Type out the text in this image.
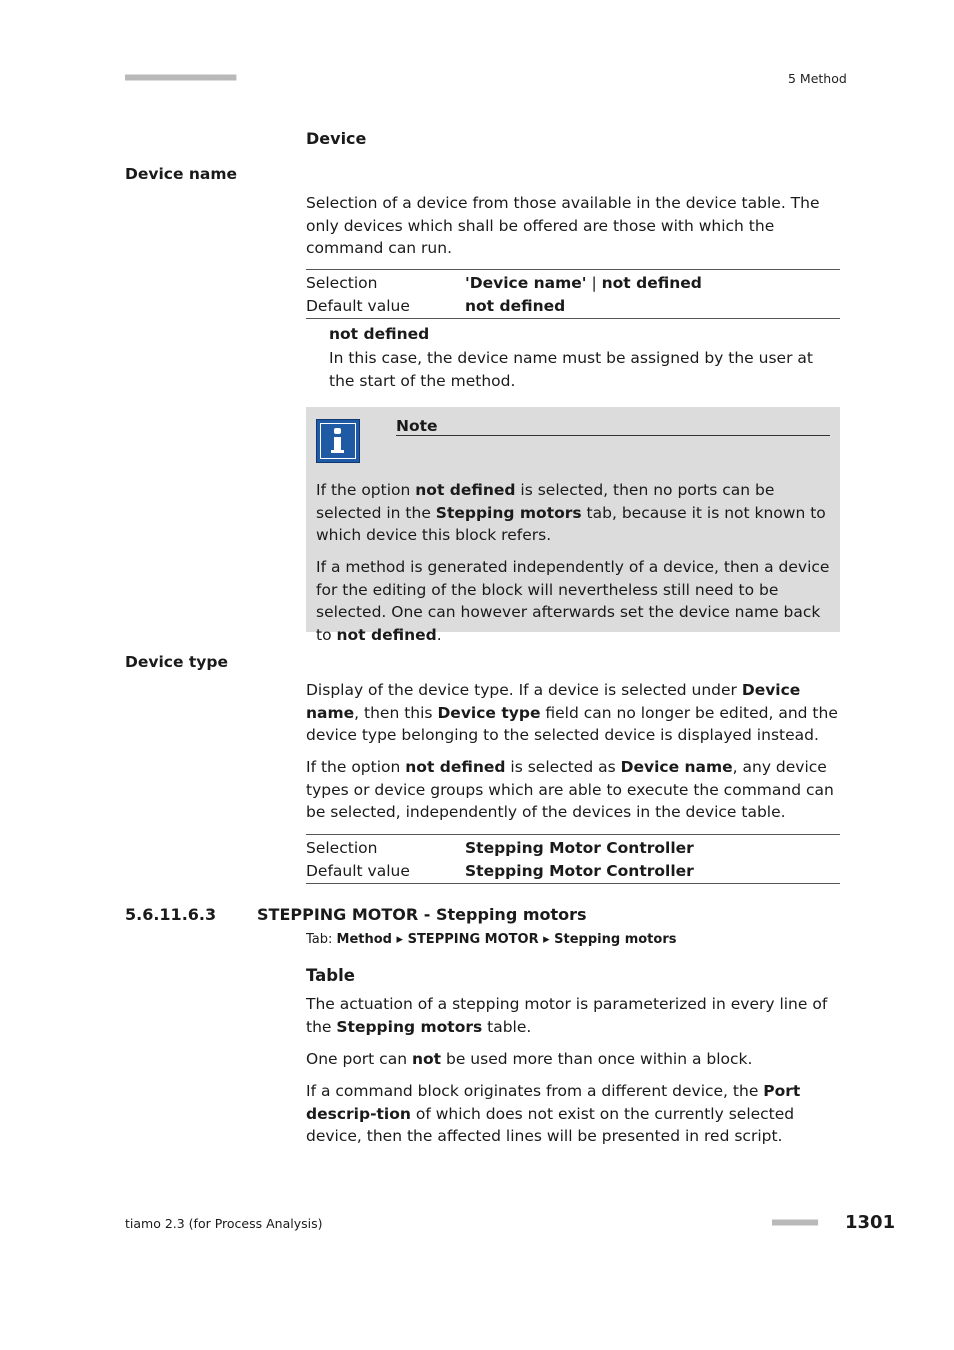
■■■■■■■■■■■■■■■■■■■■■■	5 Method
Device
Device name
Selection of a device from those available in the device table. The only devices which shall be offered are those with which the command can run.
Selection	'Device name' | not defined
Default value	not defined
not defined
In this case, the device name must be assigned by the user at the start of the method.
Note
If the option not defined is selected, then no ports can be selected in the Stepping motors tab, because it is not known to which device this block refers.
If a method is generated independently of a device, then a device for the editing of the block will nevertheless still need to be selected. One can however afterwards set the device name back to not defined.
Device type
Display of the device type. If a device is selected under Device name, then this Device type field can no longer be edited, and the device type belonging to the selected device is displayed instead.
If the option not defined is selected as Device name, any device types or device groups which are able to execute the command can be selected, independently of the devices in the device table.
Selection	Stepping Motor Controller
Default value	Stepping Motor Controller
5.6.11.6.3	STEPPING MOTOR - Stepping motors
Tab: Method ▸ STEPPING MOTOR ▸ Stepping motors
Table
The actuation of a stepping motor is parameterized in every line of the Stepping motors table.
One port can not be used more than once within a block.
If a command block originates from a different device, the Port descrip-tion of which does not exist on the currently selected device, then the affected lines will be presented in red script.
tiamo 2.3 (for Process Analysis)	■■■■■■■■■ 1301
